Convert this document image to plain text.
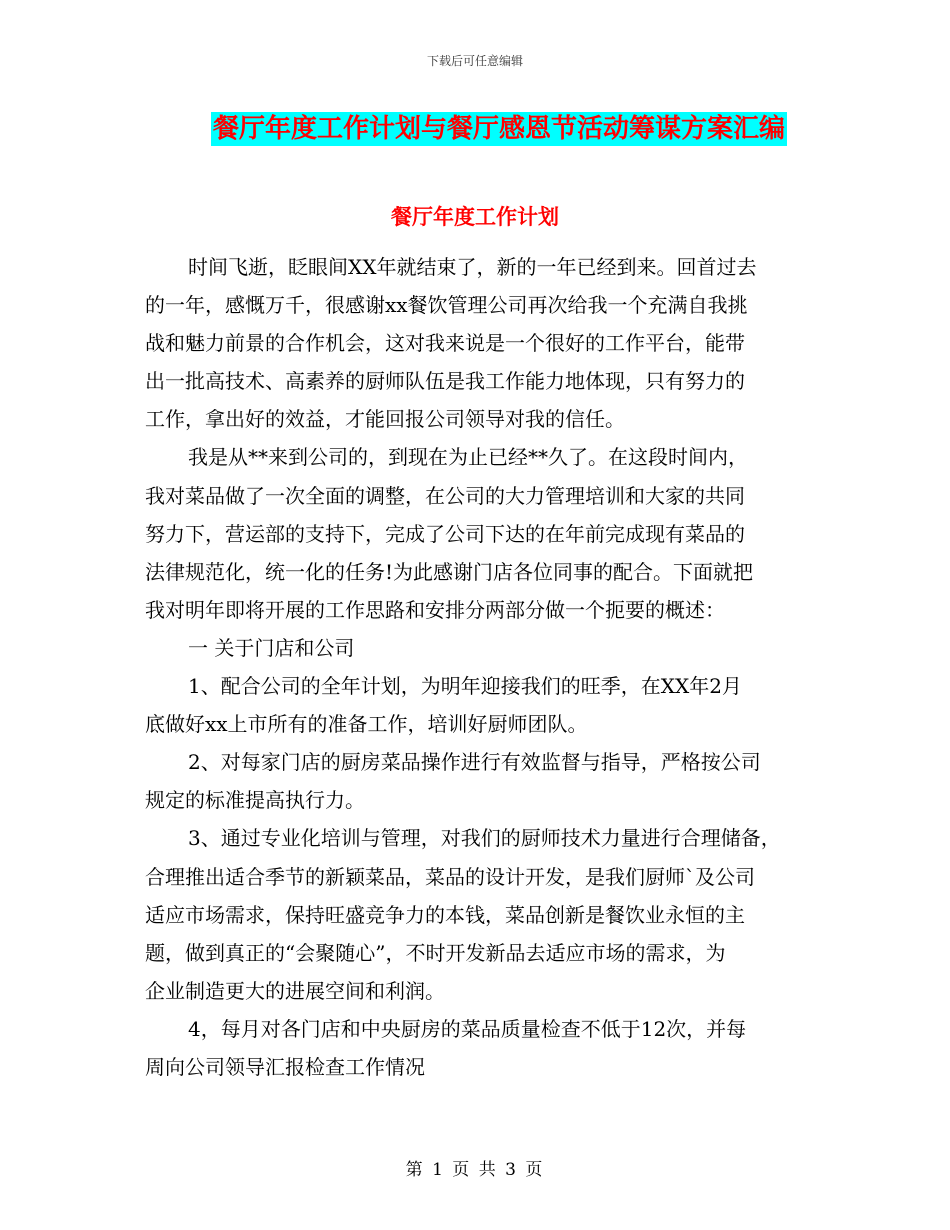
下载后可任意编辑
餐厅年度工作计划与餐厅感恩节活动筹谋方案汇编
餐厅年度工作计划
时间飞逝，眨眼间XX年就结束了，新的一年已经到来。回首过去
的一年，感慨万千，很感谢xx餐饮管理公司再次给我一个充满自我挑
战和魅力前景的合作机会，这对我来说是一个很好的工作平台，能带
出一批高技术、高素养的厨师队伍是我工作能力地体现，只有努力的
工作，拿出好的效益，才能回报公司领导对我的信任。
我是从**来到公司的，到现在为止已经**久了。在这段时间内，
我对菜品做了一次全面的调整，在公司的大力管理培训和大家的共同
努力下，营运部的支持下，完成了公司下达的在年前完成现有菜品的
法律规范化，统一化的任务!为此感谢门店各位同事的配合。下面就把
我对明年即将开展的工作思路和安排分两部分做一个扼要的概述：
一 关于门店和公司
1、配合公司的全年计划，为明年迎接我们的旺季，在XX年2月
底做好xx上市所有的准备工作，培训好厨师团队。
2、对每家门店的厨房菜品操作进行有效监督与指导，严格按公司
规定的标准提高执行力。
3、通过专业化培训与管理，对我们的厨师技术力量进行合理储备，
合理推出适合季节的新颖菜品，菜品的设计开发，是我们厨师`及公司
适应市场需求，保持旺盛竞争力的本钱，菜品创新是餐饮业永恒的主
题，做到真正的“会聚随心”，不时开发新品去适应市场的需求，为
企业制造更大的进展空间和利润。
4，每月对各门店和中央厨房的菜品质量检查不低于12次，并每
周向公司领导汇报检查工作情况
第 1 页 共 3 页
